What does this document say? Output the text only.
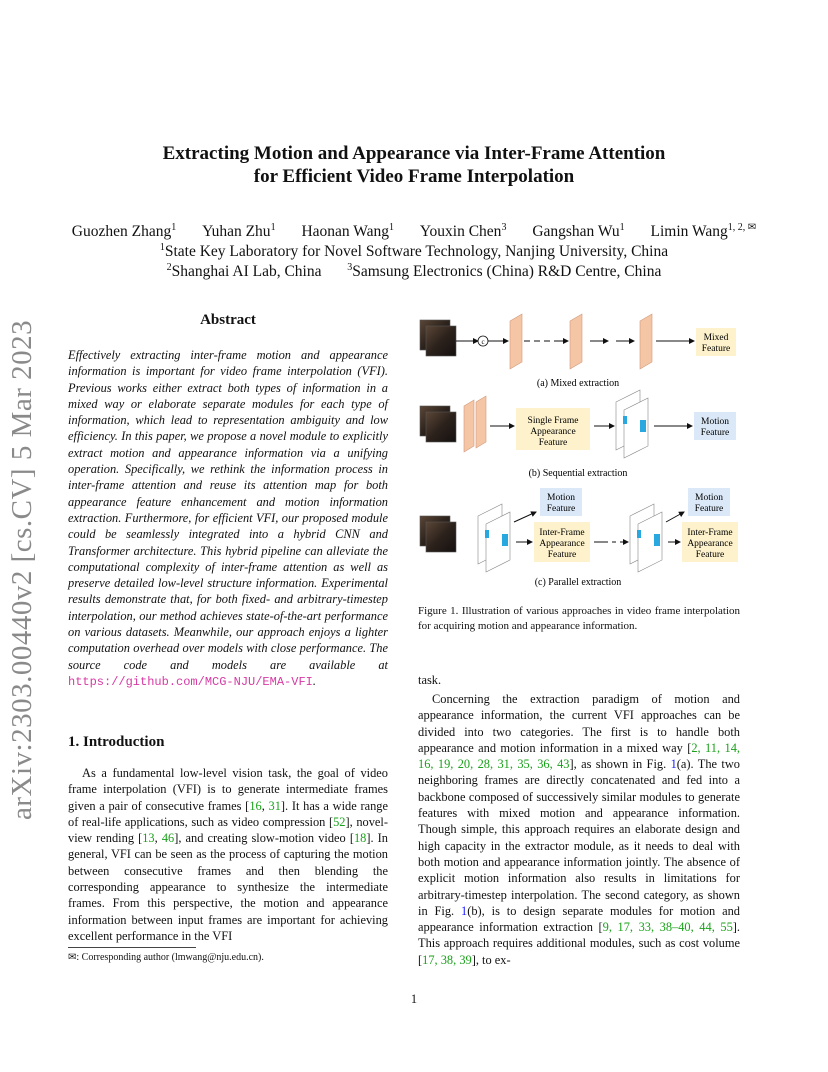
Extracting Motion and Appearance via Inter-Frame Attention
for Efficient Video Frame Interpolation
Guozhen Zhang$^1$ Yuhan Zhu$^1$ Haonan Wang$^1$ Youxin Chen$^3$ Gangshan Wu$^1$ Limin Wang$^{1, 2, ✉}$
$^1$State Key Laboratory for Novel Software Technology, Nanjing University, China
$^2$Shanghai AI Lab, China	$^3$Samsung Electronics (China) R&D Centre, China
arXiv:2303.00440v2 [cs.CV] 5 Mar 2023	Abstract
Effectively extracting inter-frame motion and appearance information is important for video frame interpolation (VFI). Previous works either extract both types of information in a mixed way or elaborate separate modules for each type of information, which lead to representation ambiguity and low efficiency. In this paper, we propose a novel module to explicitly extract motion and appearance information via a unifying operation. Specifically, we rethink the information process in inter-frame attention and reuse its attention map for both appearance feature enhancement and motion information extraction. Furthermore, for efficient VFI, our proposed module could be seamlessly integrated into a hybrid CNN and Transformer architecture. This hybrid pipeline can alleviate the computational complexity of inter-frame attention as well as preserve detailed low-level structure information. Experimental results demonstrate that, for both fixed- and arbitrary-timestep interpolation, our method achieves state-of-the-art performance on various datasets. Meanwhile, our approach enjoys a lighter computation overhead over models with close performance. The source code and models are available at https://github.com/MCG-NJU/EMA-VFI.
1. Introduction
As a fundamental low-level vision task, the goal of video frame interpolation (VFI) is to generate intermediate frames given a pair of consecutive frames [16, 31]. It has a wide range of real-life applications, such as video compression [52], novel-view rending [13, 46], and creating slow-motion video [18]. In general, VFI can be seen as the process of capturing the motion between consecutive frames and then blending the corresponding appearance to synthesize the intermediate frames. From this perspective, the motion and appearance information between input frames are important for achieving excellent performance in the VFI
✉: Corresponding author (lmwang@nju.edu.cn).
1
c	Mixed Feature
(a) Mixed extraction
Single Frame Appearance Feature
Motion Feature
(b) Sequential extraction
Motion Feature
Inter-Frame Appearance Feature
Motion Feature
Inter-Frame Appearance Feature
(c) Parallel extraction
Figure 1. Illustration of various approaches in video frame interpolation for acquiring motion and appearance information.
task.
Concerning the extraction paradigm of motion and appearance information, the current VFI approaches can be divided into two categories. The first is to handle both appearance and motion information in a mixed way [2, 11, 14, 16, 19, 20, 28, 31, 35, 36, 43], as shown in Fig. 1(a). The two neighboring frames are directly concatenated and fed into a backbone composed of successively similar modules to generate features with mixed motion and appearance information. Though simple, this approach requires an elaborate design and high capacity in the extractor module, as it needs to deal with both motion and appearance information jointly. The absence of explicit motion information also results in limitations for arbitrary-timestep interpolation. The second category, as shown in Fig. 1(b), is to design separate modules for motion and appearance information extraction [9, 17, 33, 38–40, 44, 55]. This approach requires additional modules, such as cost volume [17, 38, 39], to ex-
